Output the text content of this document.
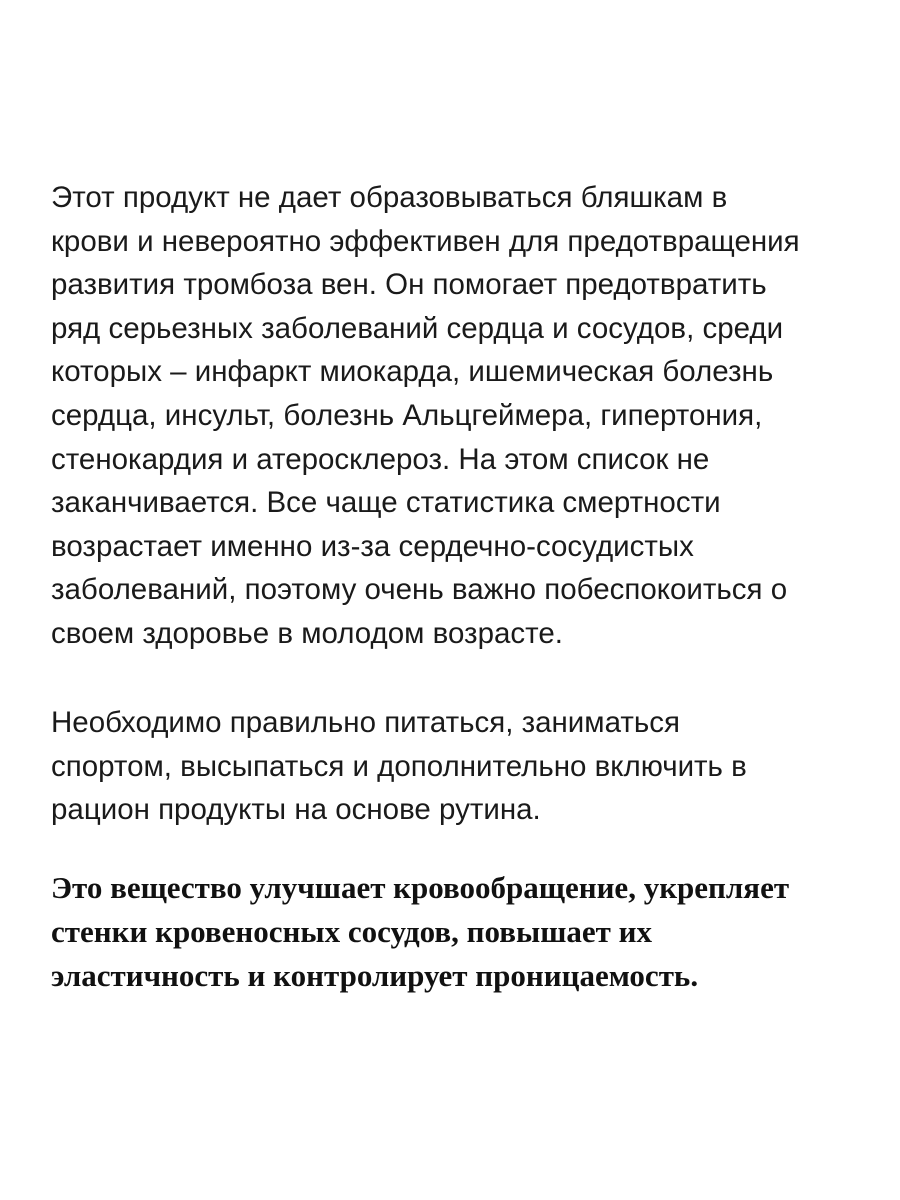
Этот продукт не дает образовываться бляшкам в
крови и невероятно эффективен для предотвращения
развития тромбоза вен. Он помогает предотвратить
ряд серьезных заболеваний сердца и сосудов, среди
которых – инфаркт миокарда, ишемическая болезнь
сердца, инсульт, болезнь Альцгеймера, гипертония,
стенокардия и атеросклероз. На этом список не
заканчивается. Все чаще статистика смертности
возрастает именно из-за сердечно-сосудистых
заболеваний, поэтому очень важно побеспокоиться о
своем здоровье в молодом возрасте.

Необходимо правильно питаться, заниматься
спортом, высыпаться и дополнительно включить в
рацион продукты на основе рутина.

Это вещество улучшает кровообращение, укрепляет
стенки кровеносных сосудов, повышает их
эластичность и контролирует проницаемость.
